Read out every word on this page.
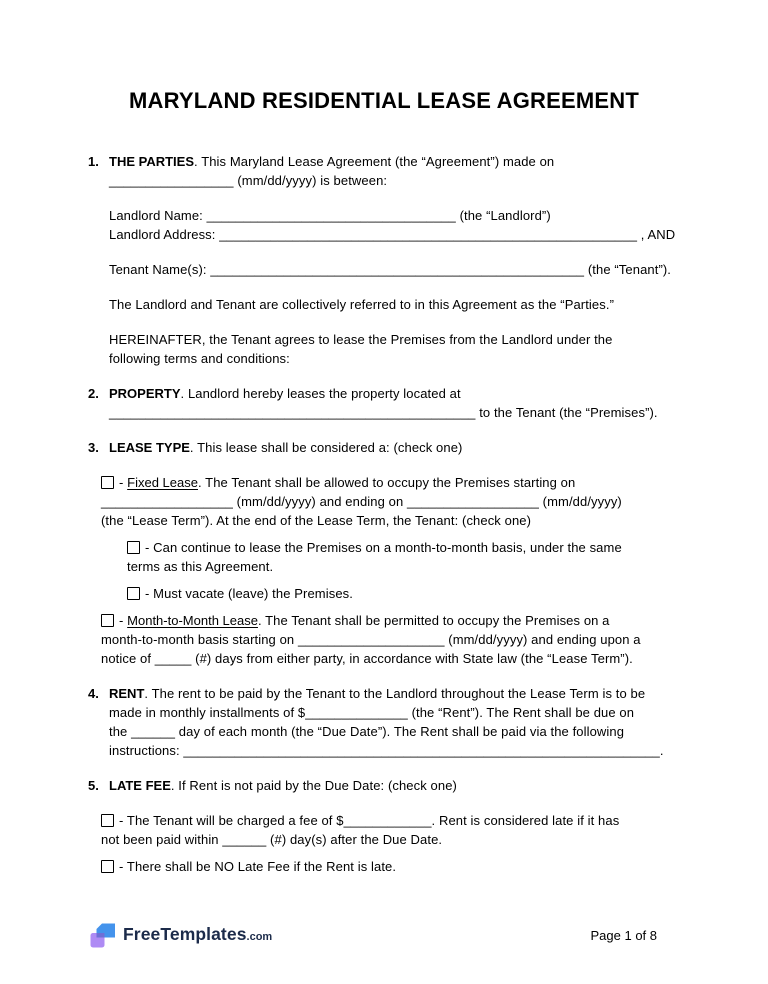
MARYLAND RESIDENTIAL LEASE AGREEMENT
1. THE PARTIES. This Maryland Lease Agreement (the “Agreement”) made on
_________________ (mm/dd/yyyy) is between:
Landlord Name: __________________________________ (the “Landlord”)
Landlord Address: _________________________________________________________ , AND
Tenant Name(s): ___________________________________________________ (the “Tenant”).
The Landlord and Tenant are collectively referred to in this Agreement as the “Parties.”
HEREINAFTER, the Tenant agrees to lease the Premises from the Landlord under the
following terms and conditions:
2. PROPERTY. Landlord hereby leases the property located at
__________________________________________________ to the Tenant (the “Premises”).
3. LEASE TYPE. This lease shall be considered a: (check one)
- Fixed Lease. The Tenant shall be allowed to occupy the Premises starting on
__________________ (mm/dd/yyyy) and ending on __________________ (mm/dd/yyyy)
(the “Lease Term”). At the end of the Lease Term, the Tenant: (check one)
- Can continue to lease the Premises on a month-to-month basis, under the same
terms as this Agreement.
- Must vacate (leave) the Premises.
- Month-to-Month Lease. The Tenant shall be permitted to occupy the Premises on a
month-to-month basis starting on ____________________ (mm/dd/yyyy) and ending upon a
notice of _____ (#) days from either party, in accordance with State law (the “Lease Term”).
4. RENT. The rent to be paid by the Tenant to the Landlord throughout the Lease Term is to be
made in monthly installments of $______________ (the “Rent”). The Rent shall be due on
the ______ day of each month (the “Due Date”). The Rent shall be paid via the following
instructions: _________________________________________________________________.
5. LATE FEE. If Rent is not paid by the Due Date: (check one)
- The Tenant will be charged a fee of $____________. Rent is considered late if it has
not been paid within ______ (#) day(s) after the Due Date.
- There shall be NO Late Fee if the Rent is late.
FreeTemplates .com	Page 1 of 8
